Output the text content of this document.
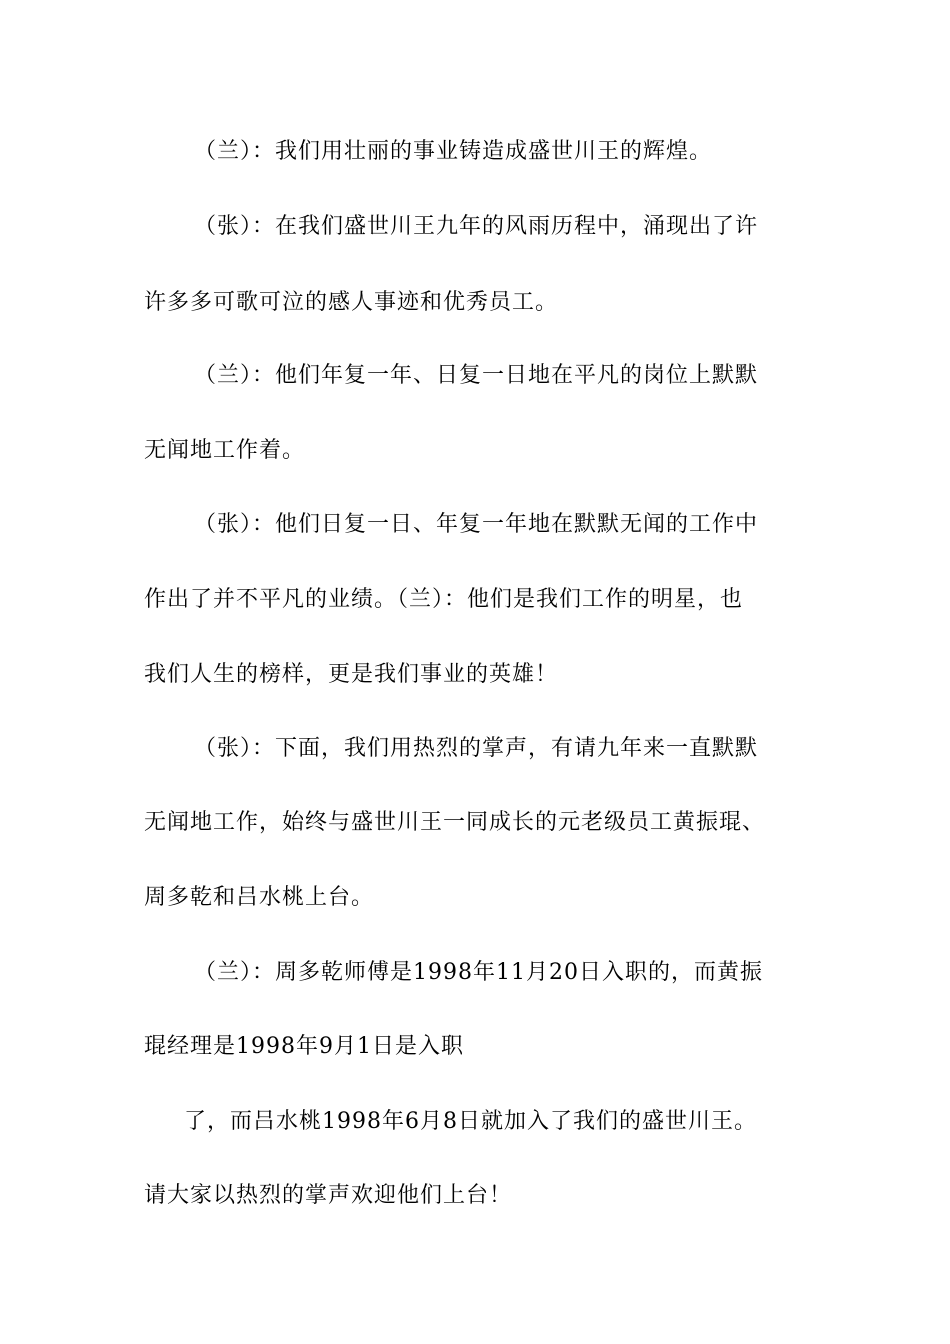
（兰）：我们用壮丽的事业铸造成盛世川王的辉煌。
（张）：在我们盛世川王九年的风雨历程中，涌现出了许
许多多可歌可泣的感人事迹和优秀员工。
（兰）：他们年复一年、日复一日地在平凡的岗位上默默
无闻地工作着。
（张）：他们日复一日、年复一年地在默默无闻的工作中
作出了并不平凡的业绩。（兰）：他们是我们工作的明星，也
我们人生的榜样，更是我们事业的英雄！
（张）：下面，我们用热烈的掌声，有请九年来一直默默
无闻地工作，始终与盛世川王一同成长的元老级员工黄振琨、
周多乾和吕水桃上台。
（兰）：周多乾师傅是1998年11月20日入职的，而黄振
琨经理是1998年9月1日是入职
了，而吕水桃1998年6月8日就加入了我们的盛世川王。
请大家以热烈的掌声欢迎他们上台！
